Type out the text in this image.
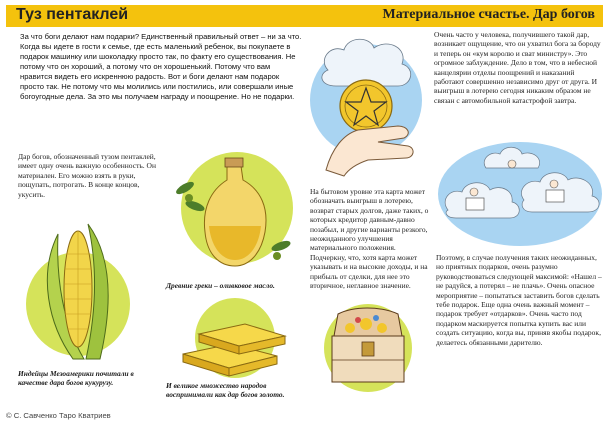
Туз пентаклей	Материальное счастье. Дар богов
За что боги делают нам подарки? Единственный правильный ответ – ни за что. Когда вы идете в гости к семье, где есть маленький ребенок, вы покупаете в подарок машинку или шоколадку просто так, по факту его существования. Не потому что он хороший, а потому что он хорошенький. Потому что вам нравится видеть его искреннюю радость. Вот и боги делают нам подарок просто так. Не потому что мы молились или постились, или совершали иные богоугодные дела. За это мы получаем награду и поощрение. Но не подарки.
Дар богов, обозначенный тузом пентаклей, имеет одну очень важную особенность. Он материален. Его можно взять в руки, пощупать, потрогать. В конце концов, укусить.
Индейцы Мезоамерики почитали в качестве дара богов кукурузу.
Древние греки – оливковое масло.
И великое множество народов воспринимали как дар богов золото.
На бытовом уровне эта карта может обозначать выигрыш в лотерею, возврат старых долгов, даже таких, о которых кредитор давным-давно позабыл, и другие варианты резкого, неожиданного улучшения материального положения. Подчеркну, что, хотя карта может указывать и на высокие доходы, и на прибыль от сделки, для нее это вторичное, неглавное значение.
Очень часто у человека, получившего такой дар, возникает ощущение, что он ухватил бога за бороду и теперь он «кум королю и сват министру». Это огромное заблуждение. Дело в том, что в небесной канцелярии отделы поощрений и наказаний работают совершенно независимо друг от друга. И выигрыш в лотерею сегодня никаким образом не связан с автомобильной катастрофой завтра.
Поэтому, в случае получения таких неожиданных, но приятных подарков, очень разумно руководствоваться следующей максимой: «Нашел – не радуйся, а потерял – не плачь». Очень опасное мероприятие – попытаться заставить богов сделать тебе подарок. Еще одна очень важный момент – подарок требует «отдарков». Очень часто под подарком маскируется попытка купить вас или создать ситуацию, когда вы, приняв якобы подарок, делаетесь обязанными дарителю.
© С. Савченко Таро Кватриев
